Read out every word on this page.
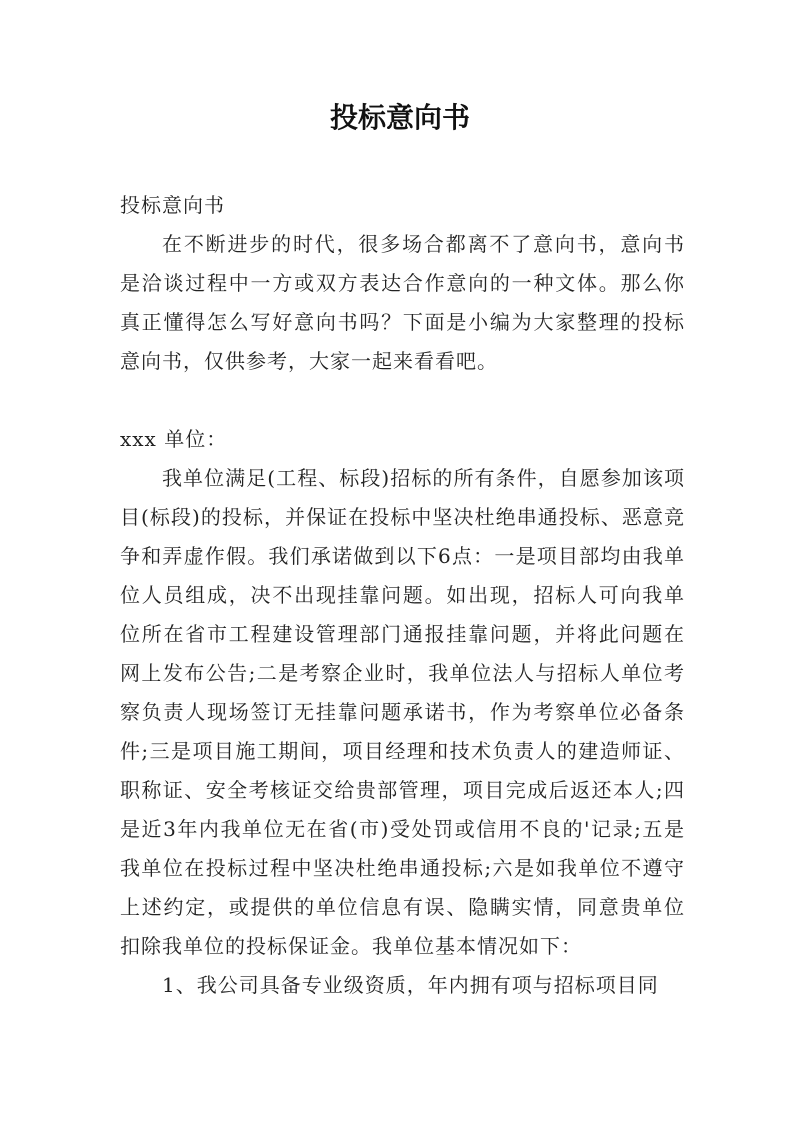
投标意向书

投标意向书

在不断进步的时代，很多场合都离不了意向书，意向书是洽谈过程中一方或双方表达合作意向的一种文体。那么你真正懂得怎么写好意向书吗？下面是小编为大家整理的投标意向书，仅供参考，大家一起来看看吧。

xxx 单位：

我单位满足(工程、标段)招标的所有条件，自愿参加该项目(标段)的投标，并保证在投标中坚决杜绝串通投标、恶意竞争和弄虚作假。我们承诺做到以下6点：一是项目部均由我单位人员组成，决不出现挂靠问题。如出现，招标人可向我单位所在省市工程建设管理部门通报挂靠问题，并将此问题在网上发布公告;二是考察企业时，我单位法人与招标人单位考察负责人现场签订无挂靠问题承诺书，作为考察单位必备条件;三是项目施工期间，项目经理和技术负责人的建造师证、职称证、安全考核证交给贵部管理，项目完成后返还本人;四是近3年内我单位无在省(市)受处罚或信用不良的'记录;五是我单位在投标过程中坚决杜绝串通投标;六是如我单位不遵守上述约定，或提供的单位信息有误、隐瞒实情，同意贵单位扣除我单位的投标保证金。我单位基本情况如下：

1、我公司具备专业级资质，年内拥有项与招标项目同
